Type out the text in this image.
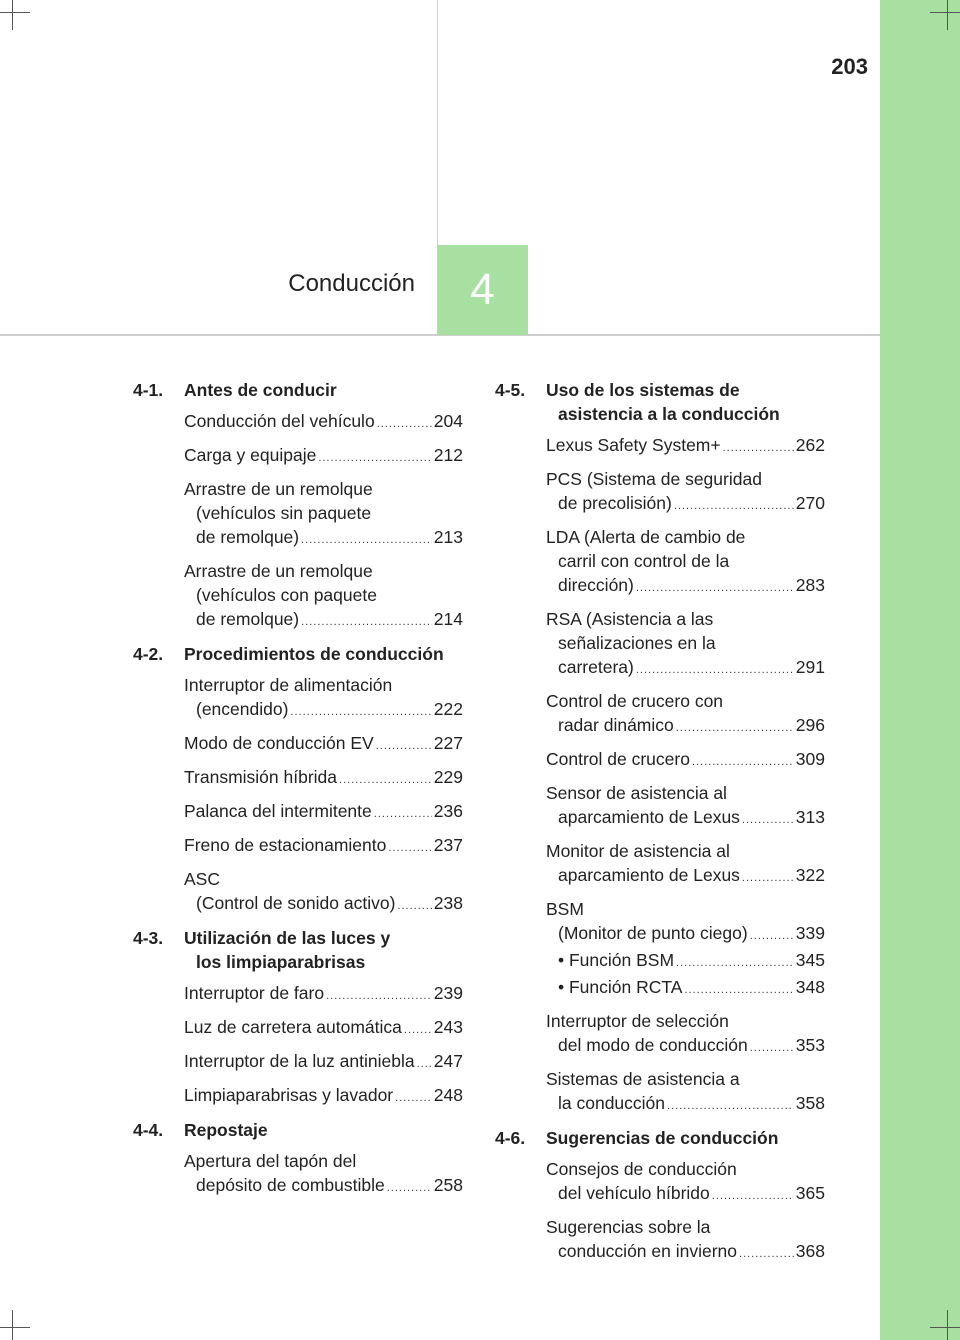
203
Conducción 4
4-1.	Antes de conducir
Conducción del vehículo .....	204
Carga y equipaje .....	212
Arrastre de un remolque
(vehículos sin paquete
de remolque) .....	213
Arrastre de un remolque
(vehículos con paquete
de remolque) .....	214
4-2.	Procedimientos de conducción
Interruptor de alimentación
(encendido) .....	222
Modo de conducción EV .....	227
Transmisión híbrida .....	229
Palanca del intermitente .....	236
Freno de estacionamiento .....	237
ASC
(Control de sonido activo) ..... 238
4-3.	Utilización de las luces y
los limpiaparabrisas
Interruptor de faro .....	239
Luz de carretera automática ..... 243
Interruptor de la luz antiniebla ..... 247
Limpiaparabrisas y lavador ..... 248
4-4.	Repostaje
Apertura del tapón del
depósito de combustible .....	258
4-5.	Uso de los sistemas de
asistencia a la conducción
Lexus Safety System+ .....	262
PCS (Sistema de seguridad
de precolisión) .....	270
LDA (Alerta de cambio de
carril con control de la
dirección) .....	283
RSA (Asistencia a las
señalizaciones en la
carretera) .....	291
Control de crucero con
radar dinámico .....	296
Control de crucero .....	309
Sensor de asistencia al
aparcamiento de Lexus .....	313
Monitor de asistencia al
aparcamiento de Lexus .....	322
BSM
(Monitor de punto ciego) .....	339
• Función BSM .....	345
• Función RCTA .....	348
Interruptor de selección
del modo de conducción .....	353
Sistemas de asistencia a
la conducción .....	358
4-6.	Sugerencias de conducción
Consejos de conducción
del vehículo híbrido .....	365
Sugerencias sobre la
conducción en invierno .....	368
